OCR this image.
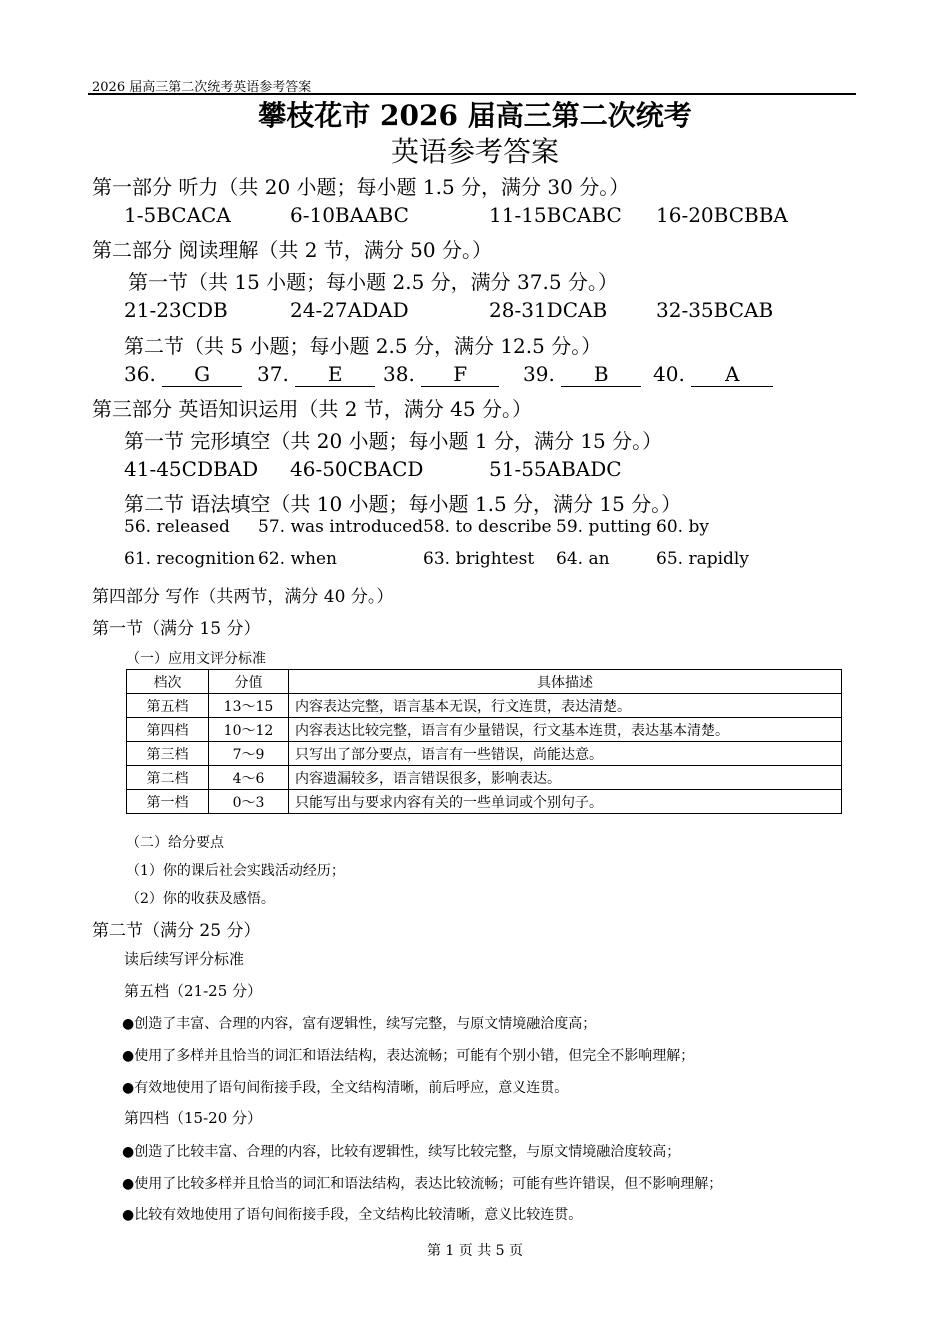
2026 届高三第二次统考英语参考答案
攀枝花市 2026 届高三第二次统考
英语参考答案
第一部分 听力（共 20 小题；每小题 1.5 分，满分 30 分。）
1-5BCACA	6-10BAABC	11-15BCABC 16-20BCBBA
第二部分 阅读理解（共 2 节，满分 50 分。）
第一节（共 15 小题；每小题 2.5 分，满分 37.5 分。）
21-23CDB	24-27ADAD	28-31DCAB 32-35BCAB
第二节（共 5 小题；每小题 2.5 分，满分 12.5 分。）
36. G	37. E	38. F	39. B	40. A
第三部分 英语知识运用（共 2 节，满分 45 分。）
第一节 完形填空（共 20 小题；每小题 1 分，满分 15 分。）
41-45CDBAD 46-50CBACD	51-55ABADC
第二节 语法填空（共 10 小题；每小题 1.5 分，满分 15 分。）
56. released 57. was introduced 58. to describe 59. putting 60. by
61. recognition 62. when	63. brightest 64. an	65. rapidly
第四部分 写作（共两节，满分 40 分。）
第一节（满分 15 分）
（一）应用文评分标准
档次	分值	具体描述
第五档	13～15	内容表达完整，语言基本无误，行文连贯，表达清楚。
第四档	10～12	内容表达比较完整，语言有少量错误，行文基本连贯，表达基本清楚。
第三档	7～9	只写出了部分要点，语言有一些错误，尚能达意。
第二档	4～6	内容遗漏较多，语言错误很多，影响表达。
第一档	0～3	只能写出与要求内容有关的一些单词或个别句子。
（二）给分要点
（1）你的课后社会实践活动经历；
（2）你的收获及感悟。
第二节（满分 25 分）
读后续写评分标准
第五档（21-25 分）
●创造了丰富、合理的内容，富有逻辑性，续写完整，与原文情境融洽度高；
●使用了多样并且恰当的词汇和语法结构，表达流畅；可能有个别小错，但完全不影响理解；
●有效地使用了语句间衔接手段，全文结构清晰，前后呼应，意义连贯。
第四档（15-20 分）
●创造了比较丰富、合理的内容，比较有逻辑性，续写比较完整，与原文情境融洽度较高；
●使用了比较多样并且恰当的词汇和语法结构，表达比较流畅；可能有些许错误，但不影响理解；
●比较有效地使用了语句间衔接手段，全文结构比较清晰，意义比较连贯。
第 1 页 共 5 页
